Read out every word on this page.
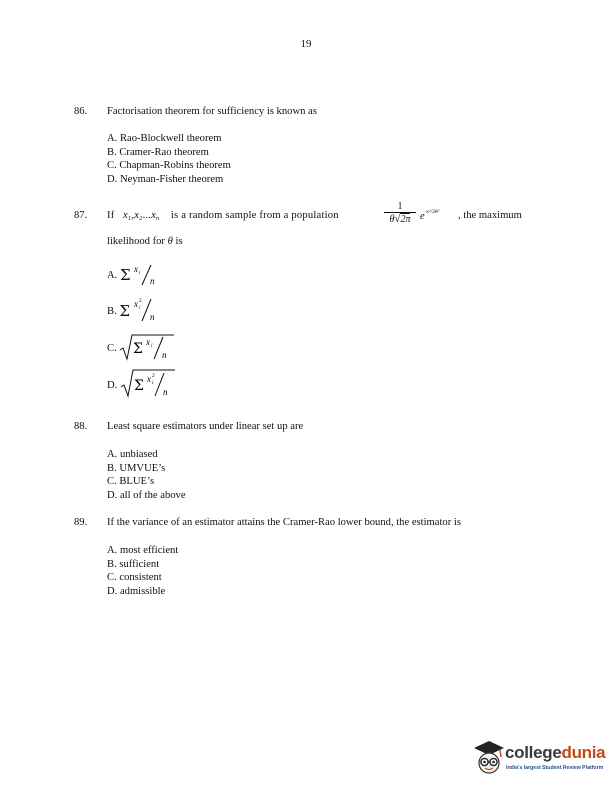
19
86. Factorisation theorem for sufficiency is known as
A. Rao-Blockwell theorem
B. Cramer-Rao theorem
C. Chapman-Robins theorem
D. Neyman-Fisher theorem
87. If $x_1,x_2...x_n$ is a random sample from a population
1
θ√2π $e^{-x^2/2\theta^2}$ , the maximum
likelihood for θ is
A. Σ x i
n
B. Σ x 2
i
n
C. Σ x i
n
D. Σ x 2
i
n
88. Least square estimators under linear set up are
A. unbiased
B. UMVUE’s
C. BLUE’s
D. all of the above
89. If the variance of an estimator attains the Cramer-Rao lower bound, the estimator is
A. most efficient
B. sufficient
C. consistent
D. admissible
collegedunia
India's largest Student Review Platform
